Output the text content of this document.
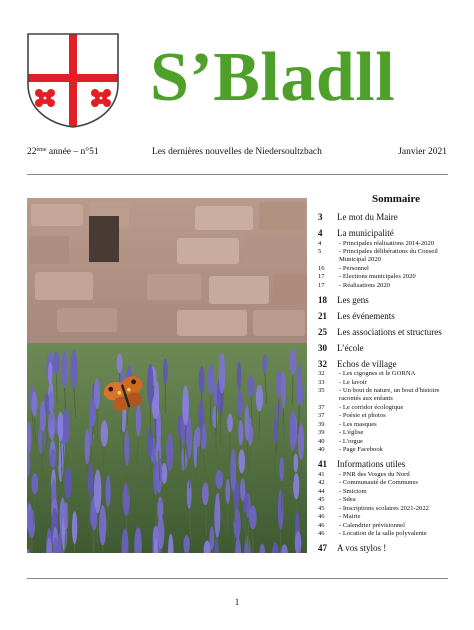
S’Bladll
22ème année – n°51	Les dernières nouvelles de Niedersoultzbach	Janvier 2021
Sommaire
3 Le mot du Maire
4 La municipalité
4	- Principales réalisations 2014-2020
5	- Principales délibérations du Conseil Municipal 2020
16	- Personnel
17	- Elections municipales 2020
17	- Réalisations 2020
18 Les gens
21 Les événements
25 Les associations et structures
30 L’école
32 Echos de village
32	- Les cigognes et le GORNA
33	- Le lavoir
35	- Un bout de nature, un bout d'histoire racontés aux enfants
37	- Le corridor écologique
37	- Poésie et photos
39	- Les masques
39	- L'église
40	- L'orgue
40	- Page Facebook
41 Informations utiles
41	- PNR des Vosges du Nord
42	- Communauté de Communes
44	- Smictom
45	- Sdea
45	- Inscriptions scolaires 2021-2022
46	- Mairie
46	- Calendrier prévisionnel
46	- Location de la salle polyvalente
47 A vos stylos !
1
